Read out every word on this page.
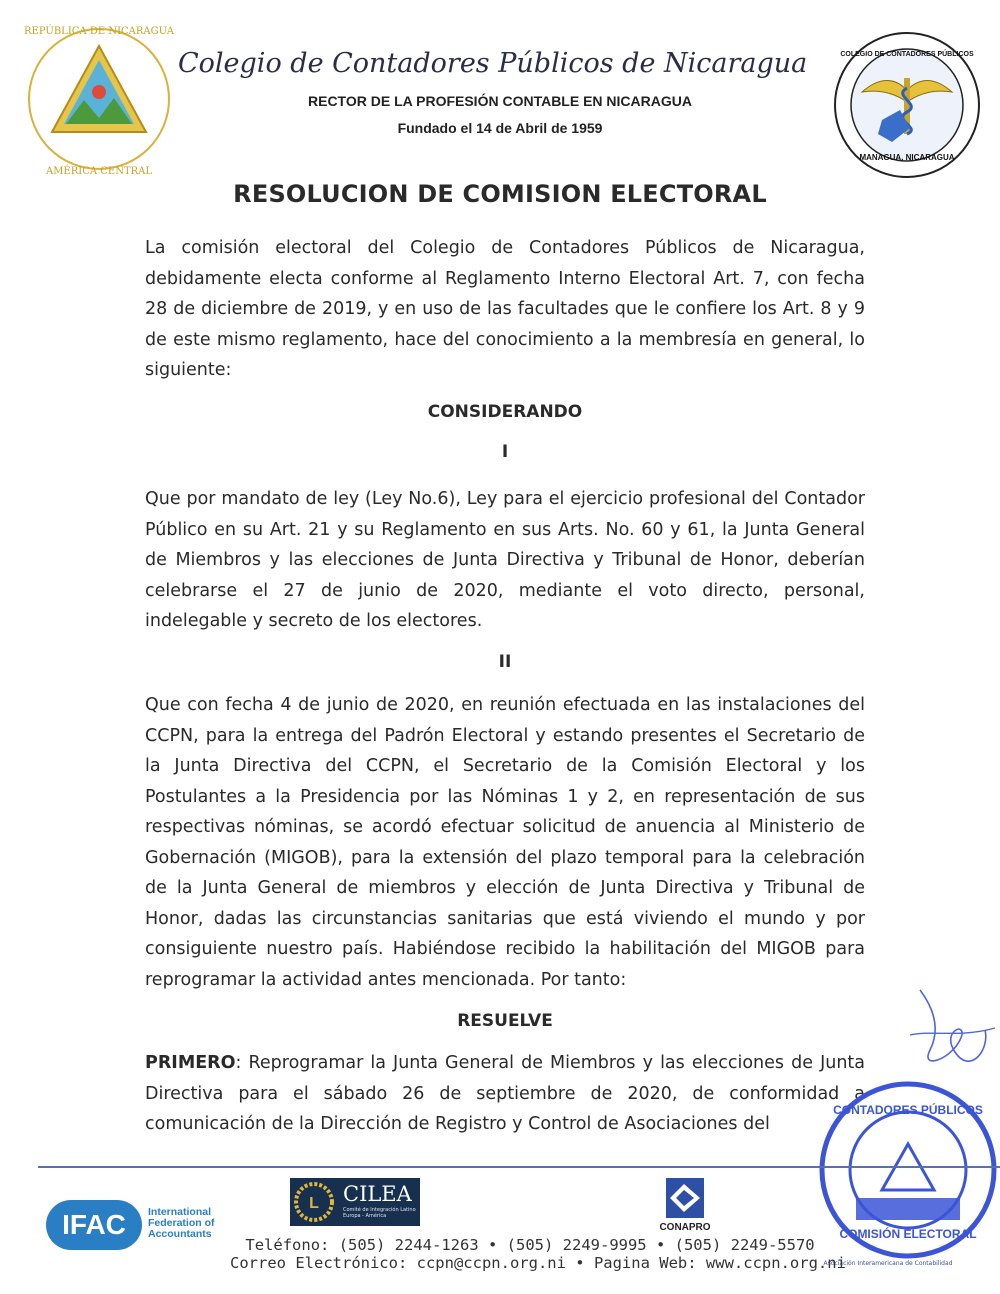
REPÚBLICA DE NICARAGUA
AMÉRICA CENTRAL
Colegio de Contadores Públicos de Nicaragua
RECTOR DE LA PROFESIÓN CONTABLE EN NICARAGUA
Fundado el 14 de Abril de 1959
MANAGUA, NICARAGUA
COLEGIO DE CONTADORES PÚBLICOS
RESOLUCION DE COMISION ELECTORAL
La comisión electoral del Colegio de Contadores Públicos de Nicaragua, debidamente electa conforme al Reglamento Interno Electoral Art. 7, con fecha 28 de diciembre de 2019, y en uso de las facultades que le confiere los Art. 8 y 9 de este mismo reglamento, hace del conocimiento a la membresía en general, lo siguiente:
CONSIDERANDO
I
Que por mandato de ley (Ley No.6), Ley para el ejercicio profesional del Contador Público en su Art. 21 y su Reglamento en sus Arts. No. 60 y 61, la Junta General de Miembros y las elecciones de Junta Directiva y Tribunal de Honor, deberían celebrarse el 27 de junio de 2020, mediante el voto directo, personal, indelegable y secreto de los electores.
II
Que con fecha 4 de junio de 2020, en reunión efectuada en las instalaciones del CCPN, para la entrega del Padrón Electoral y estando presentes el Secretario de la Junta Directiva del CCPN, el Secretario de la Comisión Electoral y los Postulantes a la Presidencia por las Nóminas 1 y 2, en representación de sus respectivas nóminas, se acordó efectuar solicitud de anuencia al Ministerio de Gobernación (MIGOB), para la extensión del plazo temporal para la celebración de la Junta General de miembros y elección de Junta Directiva y Tribunal de Honor, dadas las circunstancias sanitarias que está viviendo el mundo y por consiguiente nuestro país. Habiéndose recibido la habilitación del MIGOB para reprogramar la actividad antes mencionada. Por tanto:
RESUELVE
PRIMERO: Reprogramar la Junta General de Miembros y las elecciones de Junta Directiva para el sábado 26 de septiembre de 2020, de conformidad a comunicación de la Dirección de Registro y Control de Asociaciones del
CONTADORES PÚBLICOS
COMISIÓN ELECTORAL
IFAC	International Federation of Accountants
L CILEA
Comité de Integración Latino Europa - América
CONAPRO
Teléfono: (505) 2244-1263 • (505) 2249-9995 • (505) 2249-5570
Correo Electrónico: ccpn@ccpn.org.ni • Pagina Web: www.ccpn.org.ni
Asociación Interamericana de Contabilidad
